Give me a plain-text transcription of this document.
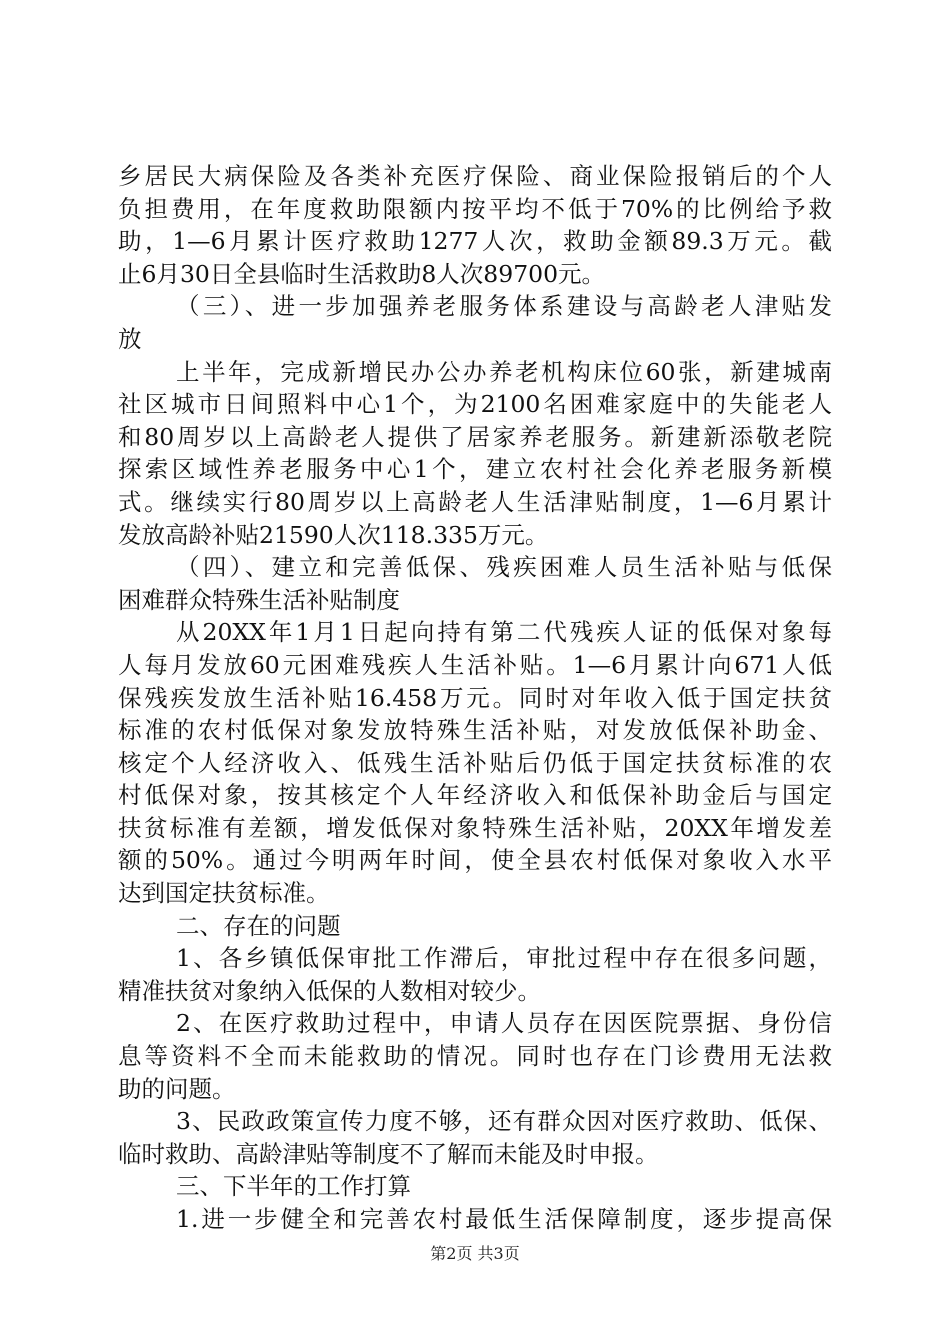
乡居民大病保险及各类补充医疗保险、商业保险报销后的个人
负担费用，在年度救助限额内按平均不低于70%的比例给予救
助，1—6月累计医疗救助1277人次，救助金额89.3万元。截
止6月30日全县临时生活救助8人次89700元。
（三）、进一步加强养老服务体系建设与高龄老人津贴发
放
上半年，完成新增民办公办养老机构床位60张，新建城南
社区城市日间照料中心1个，为2100名困难家庭中的失能老人
和80周岁以上高龄老人提供了居家养老服务。新建新添敬老院
探索区域性养老服务中心1个，建立农村社会化养老服务新模
式。继续实行80周岁以上高龄老人生活津贴制度，1—6月累计
发放高龄补贴21590人次118.335万元。
（四）、建立和完善低保、残疾困难人员生活补贴与低保
困难群众特殊生活补贴制度
从20XX年1月1日起向持有第二代残疾人证的低保对象每
人每月发放60元困难残疾人生活补贴。1—6月累计向671人低
保残疾发放生活补贴16.458万元。同时对年收入低于国定扶贫
标准的农村低保对象发放特殊生活补贴，对发放低保补助金、
核定个人经济收入、低残生活补贴后仍低于国定扶贫标准的农
村低保对象，按其核定个人年经济收入和低保补助金后与国定
扶贫标准有差额，增发低保对象特殊生活补贴，20XX年增发差
额的50%。通过今明两年时间，使全县农村低保对象收入水平
达到国定扶贫标准。
二、存在的问题
1、各乡镇低保审批工作滞后，审批过程中存在很多问题，
精准扶贫对象纳入低保的人数相对较少。
2、在医疗救助过程中，申请人员存在因医院票据、身份信
息等资料不全而未能救助的情况。同时也存在门诊费用无法救
助的问题。
3、民政政策宣传力度不够，还有群众因对医疗救助、低保、
临时救助、高龄津贴等制度不了解而未能及时申报。
三、下半年的工作打算
1.进一步健全和完善农村最低生活保障制度，逐步提高保
第2页 共3页
